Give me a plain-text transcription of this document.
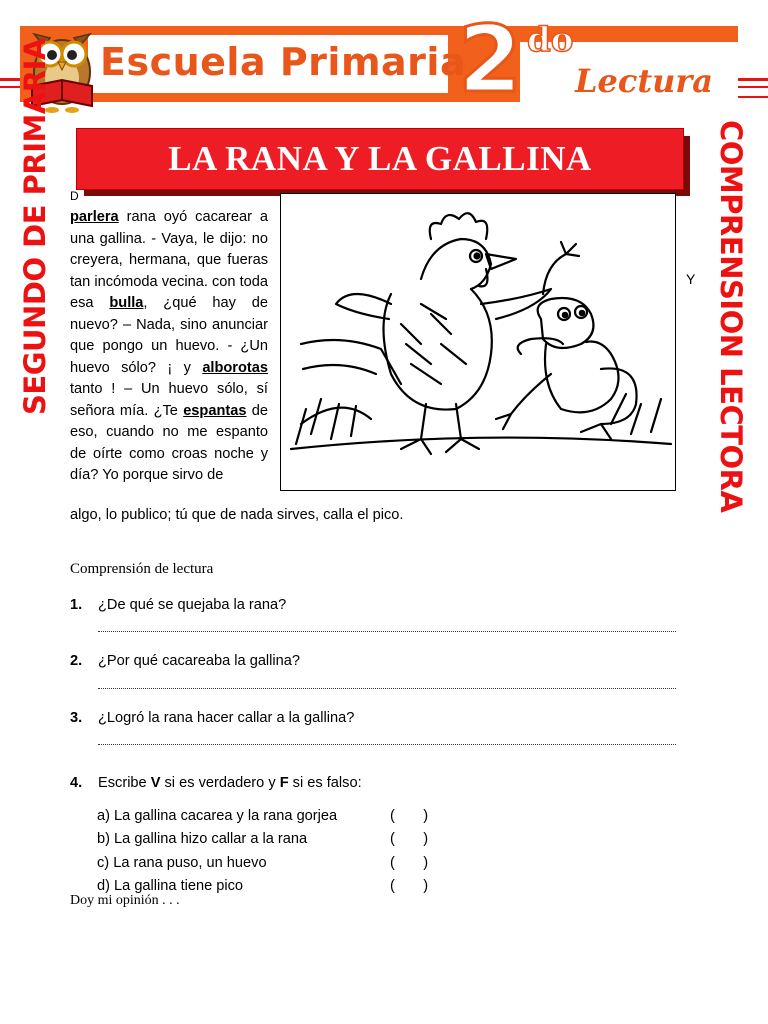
Escuela Primaria
2 do
Lectura
SEGUNDO DE PRIMARIA	COMPRENSION LECTORA
LA RANA Y LA GALLINA
D
parlera rana oyó cacarear a una gallina. - Vaya, le dijo: no creyera, hermana, que fueras tan incómoda vecina. con toda esa bulla, ¿qué hay de nuevo? – Nada, sino anunciar que pongo un huevo. - ¿Un huevo sólo? ¡ y alborotas tanto ! – Un huevo sólo, sí señora mía. ¿Te espantas de eso, cuando no me espanto de oírte como croas noche y día? Yo porque sirvo de
algo, lo publico; tú que de nada sirves, calla el pico.
Y
Comprensión de lectura
1. ¿De qué se quejaba la rana?
2. ¿Por qué cacareaba la gallina?
3. ¿Logró la rana hacer callar a la gallina?
4. Escribe V si es verdadero y F si es falso:
a) La gallina cacarea y la rana gorjea	(       )
b) La gallina hizo callar a la rana	(       )
c) La rana puso, un huevo	(       )
d) La gallina tiene pico	(       )
Doy mi opinión . . .
